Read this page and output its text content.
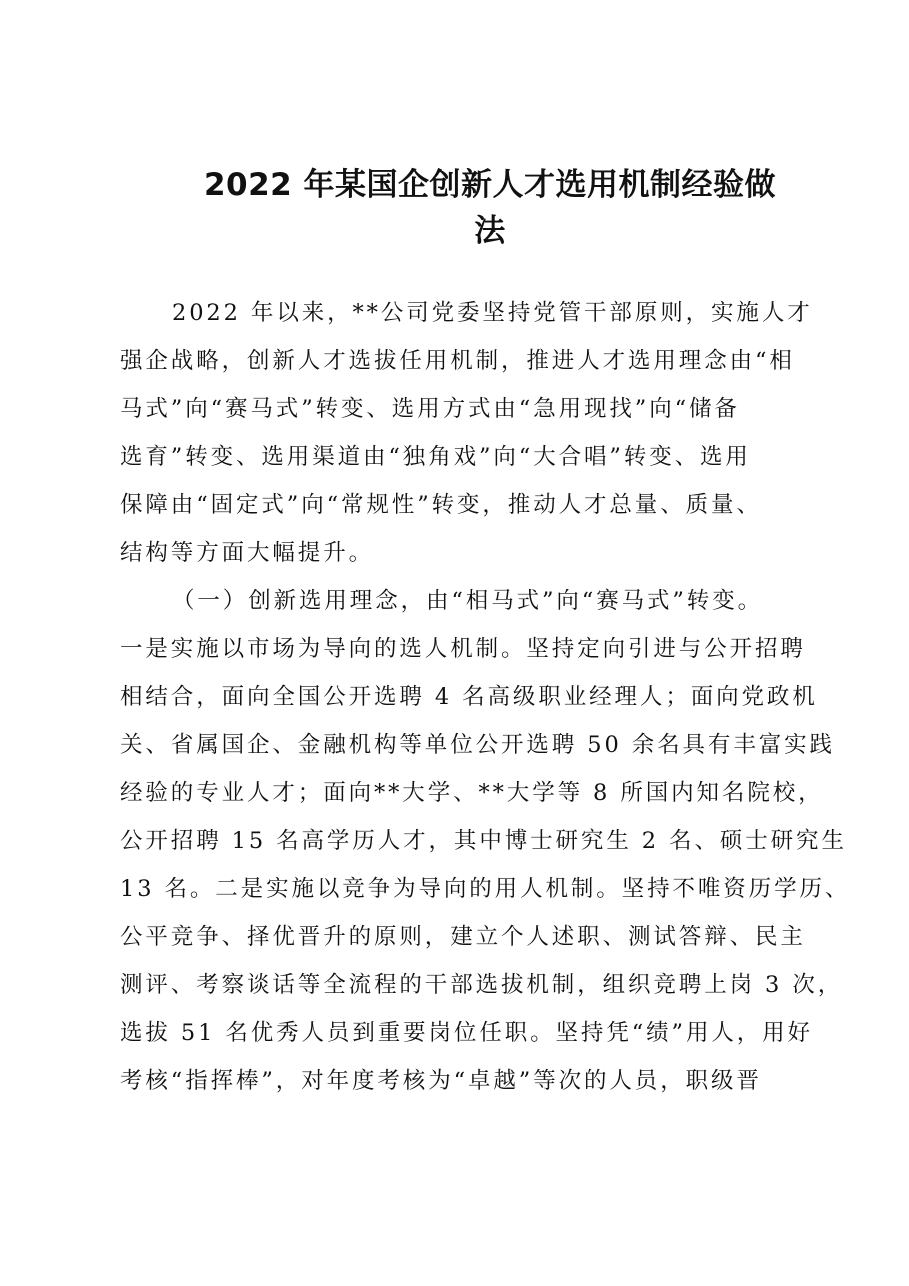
2022 年某国企创新人才选用机制经验做
法
2022 年以来，**公司党委坚持党管干部原则，实施人才
强企战略，创新人才选拔任用机制，推进人才选用理念由“相
马式”向“赛马式”转变、选用方式由“急用现找”向“储备
选育”转变、选用渠道由“独角戏”向“大合唱”转变、选用
保障由“固定式”向“常规性”转变，推动人才总量、质量、
结构等方面大幅提升。
（一）创新选用理念，由“相马式”向“赛马式”转变。
一是实施以市场为导向的选人机制。坚持定向引进与公开招聘
相结合，面向全国公开选聘 4 名高级职业经理人；面向党政机
关、省属国企、金融机构等单位公开选聘 50 余名具有丰富实践
经验的专业人才；面向**大学、**大学等 8 所国内知名院校，
公开招聘 15 名高学历人才，其中博士研究生 2 名、硕士研究生
13 名。二是实施以竞争为导向的用人机制。坚持不唯资历学历、
公平竞争、择优晋升的原则，建立个人述职、测试答辩、民主
测评、考察谈话等全流程的干部选拔机制，组织竞聘上岗 3 次，
选拔 51 名优秀人员到重要岗位任职。坚持凭“绩”用人，用好
考核“指挥棒”，对年度考核为“卓越”等次的人员，职级晋
